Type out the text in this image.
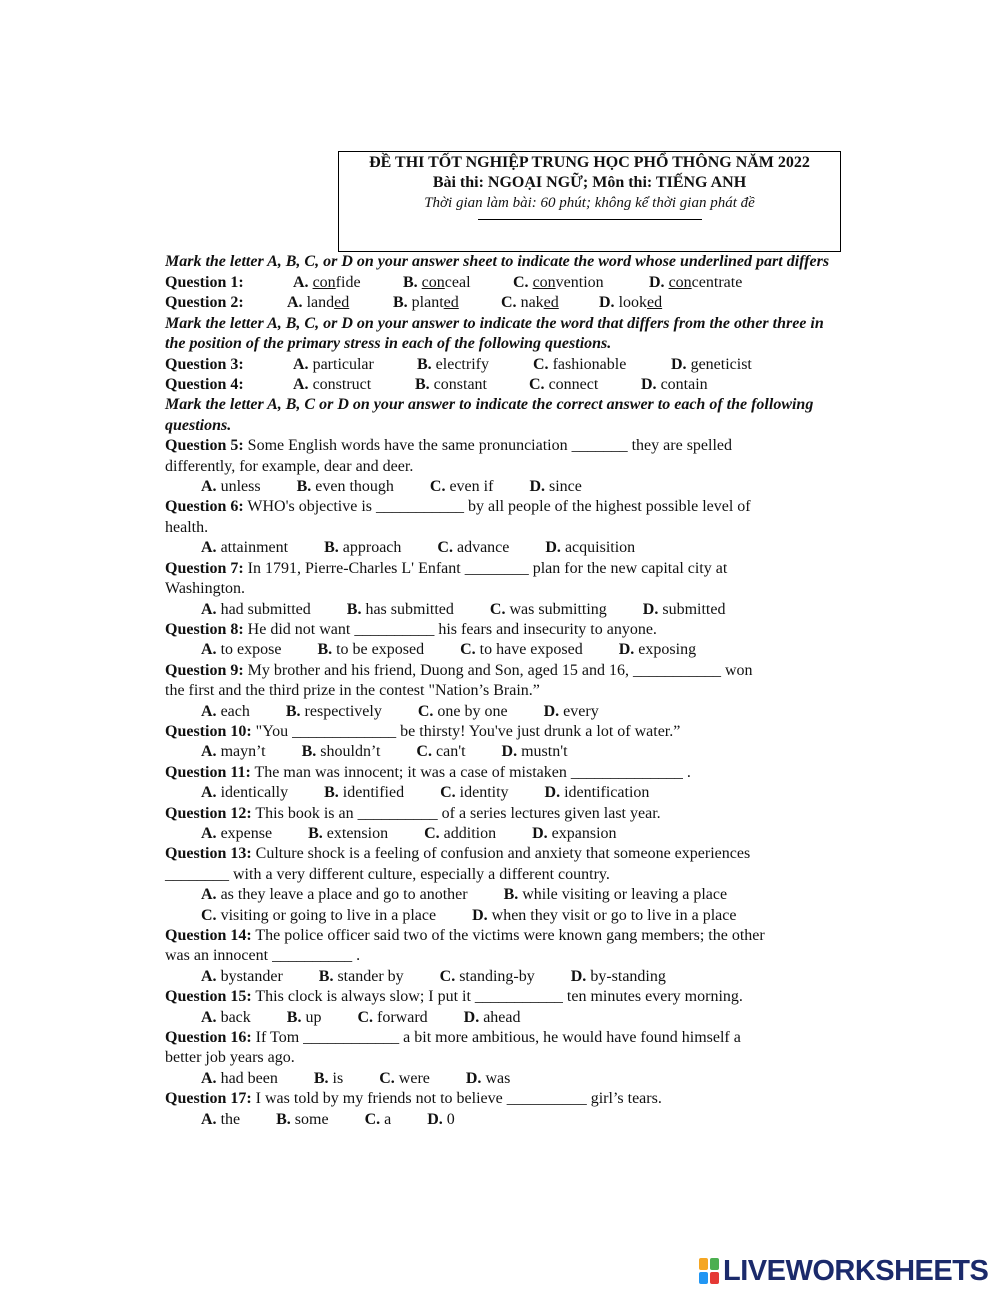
ĐỀ THI TỐT NGHIỆP TRUNG HỌC PHỔ THÔNG NĂM 2022
Bài thi: NGOẠI NGỮ; Môn thi: TIẾNG ANH
Thời gian làm bài: 60 phút; không kể thời gian phát đề
Mark the letter A, B, C, or D on your answer sheet to indicate the word whose underlined part differs
Question 1:	A. confide	B. conceal	C. convention	D. concentrate
Question 2:	A. landed	B. planted	C. naked	D. looked
Mark the letter A, B, C, or D on your answer to indicate the word that differs from the other three in the position of the primary stress in each of the following questions.
Question 3:	A. particular	B. electrify	C. fashionable	D. geneticist
Question 4:	A. construct	B. constant	C. connect	D. contain
Mark the letter A, B, C or D on your answer to indicate the correct answer to each of the following questions.
Question 5: Some English words have the same pronunciation _______ they are spelled
differently, for example, dear and deer.
A. unless B. even though C. even if D. since
Question 6: WHO's objective is ___________ by all people of the highest possible level of
health.
A. attainment B. approach C. advance D. acquisition
Question 7: In 1791, Pierre-Charles L' Enfant ________ plan for the new capital city at
Washington.
A. had submitted B. has submitted C. was submitting D. submitted
Question 8: He did not want __________ his fears and insecurity to anyone.
A. to expose B. to be exposed C. to have exposed D. exposing
Question 9: My brother and his friend, Duong and Son, aged 15 and 16, ___________ won
the first and the third prize in the contest "Nation’s Brain.”
A. each B. respectively C. one by one D. every
Question 10: "You _____________ be thirsty! You've just drunk a lot of water.”
A. mayn’t B. shouldn’t C. can't D. mustn't
Question 11: The man was innocent; it was a case of mistaken ______________ .
A. identically B. identified C. identity D. identification
Question 12: This book is an __________ of a series lectures given last year.
A. expense B. extension C. addition D. expansion
Question 13: Culture shock is a feeling of confusion and anxiety that someone experiences
________ with a very different culture, especially a different country.
A. as they leave a place and go to another B. while visiting or leaving a place
C. visiting or going to live in a place D. when they visit or go to live in a place
Question 14: The police officer said two of the victims were known gang members; the other
was an innocent __________ .
A. bystander B. stander by C. standing-by D. by-standing
Question 15: This clock is always slow; I put it ___________ ten minutes every morning.
A. back B. up C. forward D. ahead
Question 16: If Tom ____________ a bit more ambitious, he would have found himself a
better job years ago.
A. had been B. is C. were D. was
Question 17: I was told by my friends not to believe __________ girl’s tears.
A. the B. some C. a D. 0
LIVEWORKSHEETS
